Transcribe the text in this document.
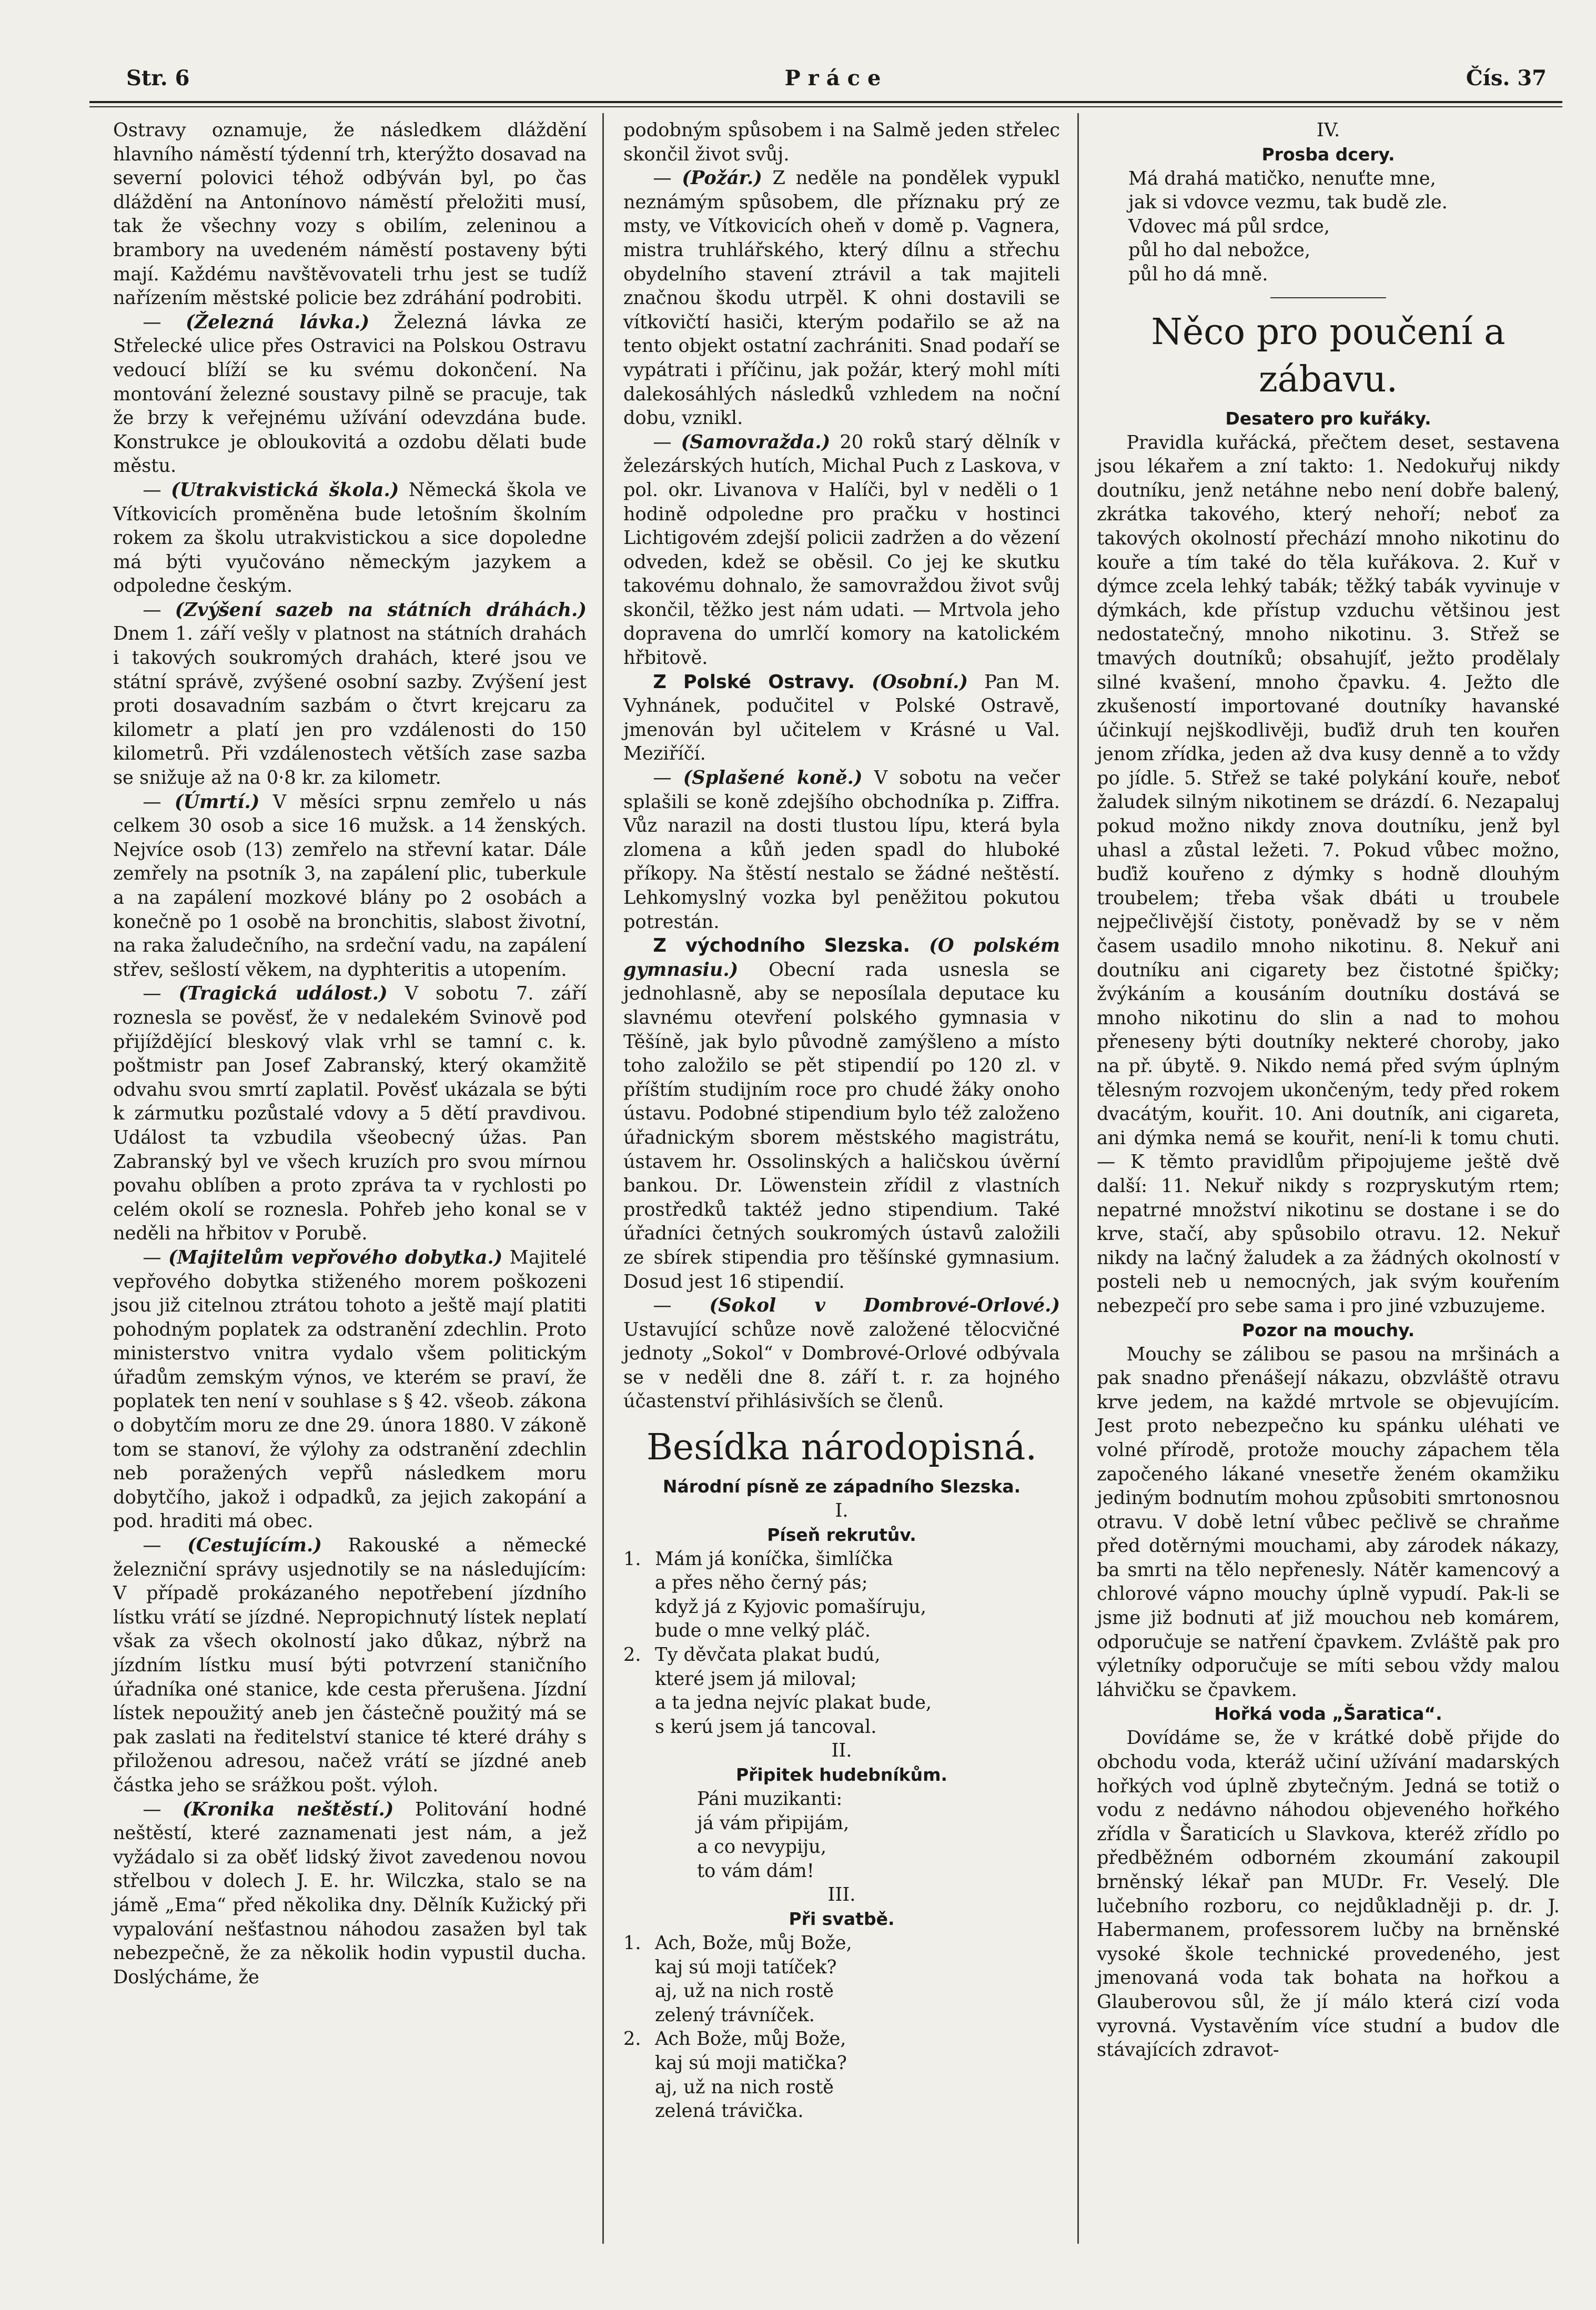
Str. 6	Práce	Čís. 37

Ostravy oznamuje, že následkem dláždění hlavního náměstí týdenní trh, kterýžto dosavad na severní polovici téhož odbýván byl, po čas dláždění na Antonínovo náměstí přeložiti musí, tak že všechny vozy s obilím, zeleninou a brambory na uvedeném náměstí postaveny býti mají. Každému navštěvovateli trhu jest se tudíž nařízením městské policie bez zdráhání podrobiti.

— (Železná lávka.) Železná lávka ze Střelecké ulice přes Ostravici na Polskou Ostravu vedoucí blíží se ku svému dokončení. Na montování železné soustavy pilně se pracuje, tak že brzy k veřejnému užívání odevzdána bude. Konstrukce je obloukovitá a ozdobu dělati bude městu.

— (Utrakvistická škola.) Německá škola ve Vítkovicích proměněna bude letošním školním rokem za školu utrakvistickou a sice dopoledne má býti vyučováno německým jazykem a odpoledne českým.

— (Zvýšení sazeb na státních dráhách.) Dnem 1. září vešly v platnost na státních drahách i takových soukromých drahách, které jsou ve státní správě, zvýšené osobní sazby. Zvýšení jest proti dosavadním sazbám o čtvrt krejcaru za kilometr a platí jen pro vzdálenosti do 150 kilometrů. Při vzdálenostech větších zase sazba se snižuje až na 0·8 kr. za kilometr.

— (Úmrtí.) V měsíci srpnu zemřelo u nás celkem 30 osob a sice 16 mužsk. a 14 ženských. Nejvíce osob (13) zemřelo na střevní katar. Dále zemřely na psotník 3, na zapálení plic, tuberkule a na zapálení mozkové blány po 2 osobách a konečně po 1 osobě na bronchitis, slabost životní, na raka žaludečního, na srdeční vadu, na zapálení střev, sešlostí věkem, na dyphteritis a utopením.

— (Tragická událost.) V sobotu 7. září roznesla se pověsť, že v nedalekém Svinově pod přijíždějící bleskový vlak vrhl se tamní c. k. poštmistr pan Josef Zabranský, který okamžitě odvahu svou smrtí zaplatil. Pověsť ukázala se býti k zármutku pozůstalé vdovy a 5 dětí pravdivou. Událost ta vzbudila všeobecný úžas. Pan Zabranský byl ve všech kruzích pro svou mírnou povahu oblíben a proto zpráva ta v rychlosti po celém okolí se roznesla. Pohřeb jeho konal se v neděli na hřbitov v Porubě.

— (Majitelům vepřového dobytka.) Majitelé vepřového dobytka stiženého morem poškozeni jsou již citelnou ztrátou tohoto a ještě mají platiti pohodným poplatek za odstranění zdechlin. Proto ministerstvo vnitra vydalo všem politickým úřadům zemským výnos, ve kterém se praví, že poplatek ten není v souhlase s § 42. všeob. zákona o dobytčím moru ze dne 29. února 1880. V zákoně tom se stanoví, že výlohy za odstranění zdechlin neb poražených vepřů následkem moru dobytčího, jakož i odpadků, za jejich zakopání a pod. hraditi má obec.

— (Cestujícím.) Rakouské a německé železniční správy usjednotily se na následujícím: V případě prokázaného nepotřebení jízdního lístku vrátí se jízdné. Nepropichnutý lístek neplatí však za všech okolností jako důkaz, nýbrž na jízdním lístku musí býti potvrzení staničního úřadníka oné stanice, kde cesta přerušena. Jízdní lístek nepoužitý aneb jen částečně použitý má se pak zaslati na ředitelství stanice té které dráhy s přiloženou adresou, načež vrátí se jízdné aneb částka jeho se srážkou pošt. výloh.

— (Kronika neštěstí.) Politování hodné neštěstí, které zaznamenati jest nám, a jež vyžádalo si za oběť lidský život zavedenou novou střelbou v dolech J. E. hr. Wilczka, stalo se na jámě „Ema“ před několika dny. Dělník Kužický při vypalování nešťastnou náhodou zasažen byl tak nebezpečně, že za několik hodin vypustil ducha. Doslýcháme, že

podobným spůsobem i na Salmě jeden střelec skončil život svůj.

— (Požár.) Z neděle na pondělek vypukl neznámým spůsobem, dle příznaku prý ze msty, ve Vítkovicích oheň v domě p. Vagnera, mistra truhlářského, který dílnu a střechu obydelního stavení ztrávil a tak majiteli značnou škodu utrpěl. K ohni dostavili se vítkovičtí hasiči, kterým podařilo se až na tento objekt ostatní zachrániti. Snad podaří se vypátrati i příčinu, jak požár, který mohl míti dalekosáhlých následků vzhledem na noční dobu, vznikl.

— (Samovražda.) 20 roků starý dělník v železárských hutích, Michal Puch z Laskova, v pol. okr. Livanova v Halíči, byl v neděli o 1 hodině odpoledne pro pračku v hostinci Lichtigovém zdejší policii zadržen a do vězení odveden, kdež se oběsil. Co jej ke skutku takovému dohnalo, že samovraždou život svůj skončil, těžko jest nám udati. — Mrtvola jeho dopravena do umrlčí komory na katolickém hřbitově.

Z Polské Ostravy. (Osobní.) Pan M. Vyhnánek, podučitel v Polské Ostravě, jmenován byl učitelem v Krásné u Val. Meziříčí.

— (Splašené koně.) V sobotu na večer splašili se koně zdejšího obchodníka p. Ziffra. Vůz narazil na dosti tlustou lípu, která byla zlomena a kůň jeden spadl do hluboké příkopy. Na štěstí nestalo se žádné neštěstí. Lehkomyslný vozka byl peněžitou pokutou potrestán.

Z východního Slezska. (O polském gymnasiu.) Obecní rada usnesla se jednohlasně, aby se neposílala deputace ku slavnému otevření polského gymnasia v Těšíně, jak bylo původně zamýšleno a místo toho založilo se pět stipendií po 120 zl. v příštím studijním roce pro chudé žáky onoho ústavu. Podobné stipendium bylo též založeno úřadnickým sborem městského magistrátu, ústavem hr. Ossolinských a haličskou úvěrní bankou. Dr. Löwenstein zřídil z vlastních prostředků taktéž jedno stipendium. Také úřadníci četných soukromých ústavů založili ze sbírek stipendia pro těšínské gymnasium. Dosud jest 16 stipendií.

— (Sokol v Dombrové-Orlové.) Ustavující schůze nově založené tělocvičné jednoty „Sokol“ v Dombrové-Orlové odbývala se v neděli dne 8. září t. r. za hojného účastenství přihlásivších se členů.

Besídka národopisná.
Národní písně ze západního Slezska.
I.
Píseň rekrutův.
1. Mám já koníčka, šimlíčka
a přes něho černý pás;
když já z Kyjovic pomašíruju,
bude o mne velký pláč.
2. Ty děvčata plakat budú,
které jsem já miloval;
a ta jedna nejvíc plakat bude,
s kerú jsem já tancoval.
II.
Připitek hudebníkům.
Páni muzikanti:
já vám připijám,
a co nevypiju,
to vám dám!
III.
Při svatbě.
1. Ach, Bože, můj Bože,
kaj sú moji tatíček?
aj, už na nich rostě
zelený trávníček.
2. Ach Bože, můj Bože,
kaj sú moji matička?
aj, už na nich rostě
zelená trávička.
IV.
Prosba dcery.
Má drahá matičko, nenuťte mne,
jak si vdovce vezmu, tak budě zle.
Vdovec má půl srdce,
půl ho dal nebožce,
půl ho dá mně.
Něco pro poučení a zábavu.
Desatero pro kuřáky.

Pravidla kuřácká, přečtem deset, sestavena jsou lékařem a zní takto: 1. Nedokuřuj nikdy doutníku, jenž netáhne nebo není dobře balený, zkrátka takového, který nehoří; neboť za takových okolností přechází mnoho nikotinu do kouře a tím také do těla kuřákova. 2. Kuř v dýmce zcela lehký tabák; těžký tabák vyvinuje v dýmkách, kde přístup vzduchu většinou jest nedostatečný, mnoho nikotinu. 3. Střež se tmavých doutníků; obsahujíť, ježto prodělaly silné kvašení, mnoho čpavku. 4. Ježto dle zkušeností importované doutníky havanské účinkují nejškodlivěji, buďiž druh ten kouřen jenom zřídka, jeden až dva kusy denně a to vždy po jídle. 5. Střež se také polykání kouře, neboť žaludek silným nikotinem se drázdí. 6. Nezapaluj pokud možno nikdy znova doutníku, jenž byl uhasl a zůstal ležeti. 7. Pokud vůbec možno, buďiž kouřeno z dýmky s hodně dlouhým troubelem; třeba však dbáti u troubele nejpečlivější čistoty, poněvadž by se v něm časem usadilo mnoho nikotinu. 8. Nekuř ani doutníku ani cigarety bez čistotné špičky; žvýkáním a kousáním doutníku dostává se mnoho nikotinu do slin a nad to mohou přeneseny býti doutníky nekteré choroby, jako na př. úbytě. 9. Nikdo nemá před svým úplným tělesným rozvojem ukončeným, tedy před rokem dvacátým, kouřit. 10. Ani doutník, ani cigareta, ani dýmka nemá se kouřit, není-li k tomu chuti. — K těmto pravidlům připojujeme ještě dvě další: 11. Nekuř nikdy s rozpryskutým rtem; nepatrné množství nikotinu se dostane i se do krve, stačí, aby spůsobilo otravu. 12. Nekuř nikdy na lačný žaludek a za žádných okolností v posteli neb u nemocných, jak svým kouřením nebezpečí pro sebe sama i pro jiné vzbuzujeme.

Pozor na mouchy.

Mouchy se zálibou se pasou na mršinách a pak snadno přenášejí nákazu, obzvláště otravu krve jedem, na každé mrtvole se objevujícím. Jest proto nebezpečno ku spánku uléhati ve volné přírodě, protože mouchy zápachem těla započeného lákané vnesetře ženém okamžiku jediným bodnutím mohou způsobiti smrtonosnou otravu. V době letní vůbec pečlivě se chraňme před dotěrnými mouchami, aby zárodek nákazy, ba smrti na tělo nepřenesly. Nátěr kamencový a chlorové vápno mouchy úplně vypudí. Pak-li se jsme již bodnuti ať již mouchou neb komárem, odporučuje se natření čpavkem. Zvláště pak pro výletníky odporučuje se míti sebou vždy malou láhvičku se čpavkem.

Hořká voda „Šaratica“.

Dovídáme se, že v krátké době přijde do obchodu voda, kteráž učiní užívání madarských hořkých vod úplně zbytečným. Jedná se totiž o vodu z nedávno náhodou objeveného hořkého zřídla v Šaraticích u Slavkova, kteréž zřídlo po předběžném odborném zkoumání zakoupil brněnský lékař pan MUDr. Fr. Veselý. Dle lučebního rozboru, co nejdůkladněji p. dr. J. Habermanem, professorem lučby na brněnské vysoké škole technické provedeného, jest jmenovaná voda tak bohata na hořkou a Glauberovou sůl, že jí málo která cizí voda vyrovná. Vystavěním více studní a budov dle stávajících zdravot-
